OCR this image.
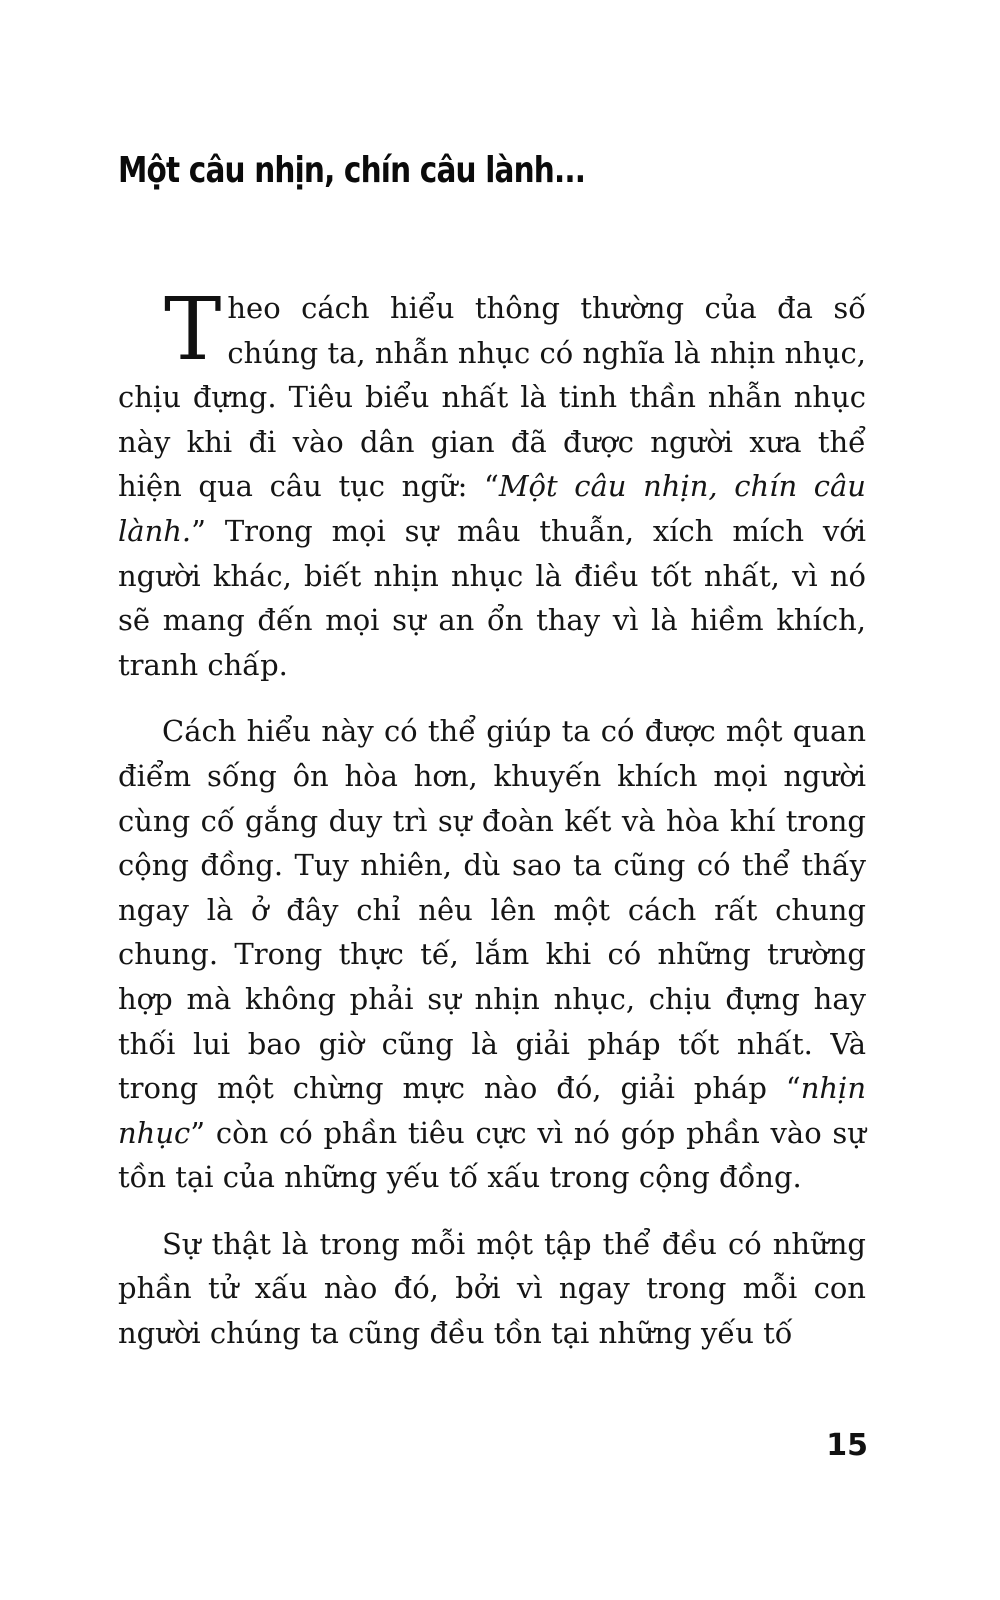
Một câu nhịn, chín câu lành...

Theo cách hiểu thông thường của đa số chúng ta, nhẫn nhục có nghĩa là nhịn nhục, chịu đựng. Tiêu biểu nhất là tinh thần nhẫn nhục này khi đi vào dân gian đã được người xưa thể hiện qua câu tục ngữ: “Một câu nhịn, chín câu lành.” Trong mọi sự mâu thuẫn, xích mích với người khác, biết nhịn nhục là điều tốt nhất, vì nó sẽ mang đến mọi sự an ổn thay vì là hiềm khích, tranh chấp.

Cách hiểu này có thể giúp ta có được một quan điểm sống ôn hòa hơn, khuyến khích mọi người cùng cố gắng duy trì sự đoàn kết và hòa khí trong cộng đồng. Tuy nhiên, dù sao ta cũng có thể thấy ngay là ở đây chỉ nêu lên một cách rất chung chung. Trong thực tế, lắm khi có những trường hợp mà không phải sự nhịn nhục, chịu đựng hay thối lui bao giờ cũng là giải pháp tốt nhất. Và trong một chừng mực nào đó, giải pháp “nhịn nhục” còn có phần tiêu cực vì nó góp phần vào sự tồn tại của những yếu tố xấu trong cộng đồng.

Sự thật là trong mỗi một tập thể đều có những phần tử xấu nào đó, bởi vì ngay trong mỗi con người chúng ta cũng đều tồn tại những yếu tố

15
